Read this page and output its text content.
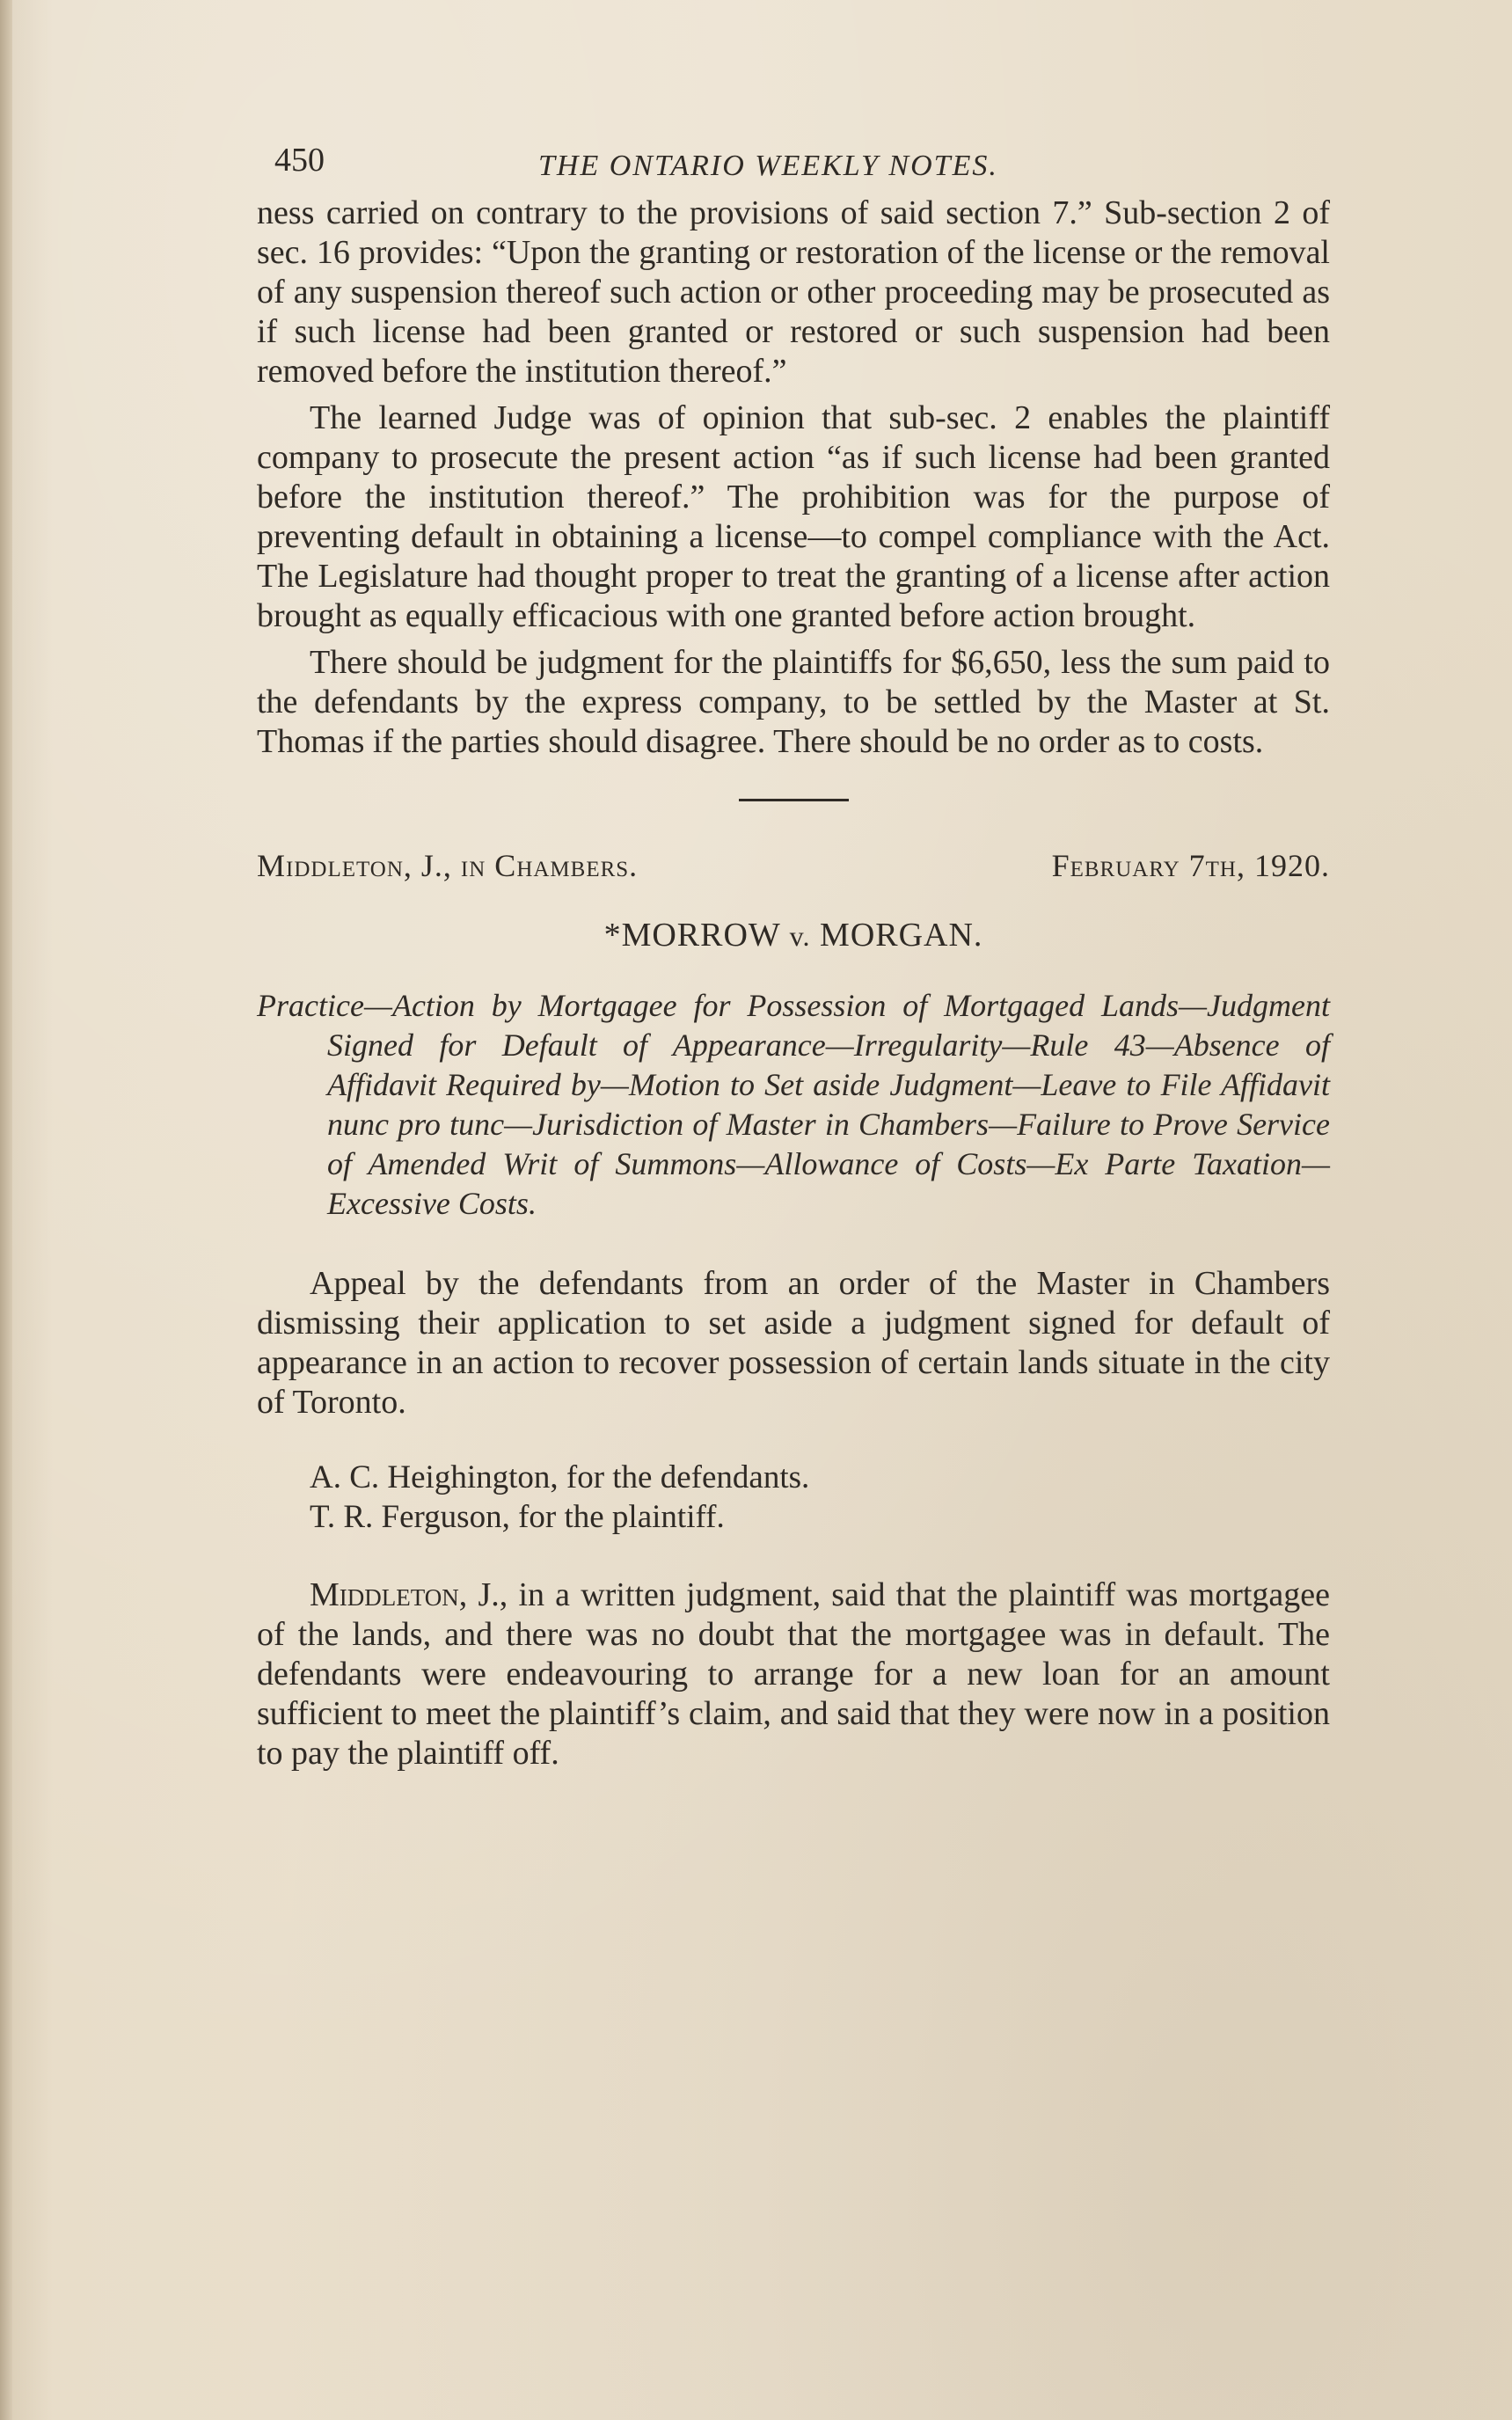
450	THE ONTARIO WEEKLY NOTES.

ness carried on contrary to the provisions of said section 7.” Sub-section 2 of sec. 16 provides: “Upon the granting or restoration of the license or the removal of any suspension thereof such action or other proceeding may be prosecuted as if such license had been granted or restored or such suspension had been removed before the institution thereof.”

The learned Judge was of opinion that sub-sec. 2 enables the plaintiff company to prosecute the present action “as if such license had been granted before the institution thereof.” The prohibition was for the purpose of preventing default in obtaining a license—to compel compliance with the Act. The Legislature had thought proper to treat the granting of a license after action brought as equally efficacious with one granted before action brought.

There should be judgment for the plaintiffs for $6,650, less the sum paid to the defendants by the express company, to be settled by the Master at St. Thomas if the parties should disagree. There should be no order as to costs.

Middleton, J., in Chambers.	February 7th, 1920.
*MORROW v. MORGAN.
Practice—Action by Mortgagee for Possession of Mortgaged Lands—Judgment Signed for Default of Appearance—Irregularity—Rule 43—Absence of Affidavit Required by—Motion to Set aside Judgment—Leave to File Affidavit nunc pro tunc—Jurisdiction of Master in Chambers—Failure to Prove Service of Amended Writ of Summons—Allowance of Costs—Ex Parte Taxation—Excessive Costs.

Appeal by the defendants from an order of the Master in Chambers dismissing their application to set aside a judgment signed for default of appearance in an action to recover possession of certain lands situate in the city of Toronto.

A. C. Heighington, for the defendants.
T. R. Ferguson, for the plaintiff.

Middleton, J., in a written judgment, said that the plaintiff was mortgagee of the lands, and there was no doubt that the mortgagee was in default. The defendants were endeavouring to arrange for a new loan for an amount sufficient to meet the plaintiff’s claim, and said that they were now in a position to pay the plaintiff off.
